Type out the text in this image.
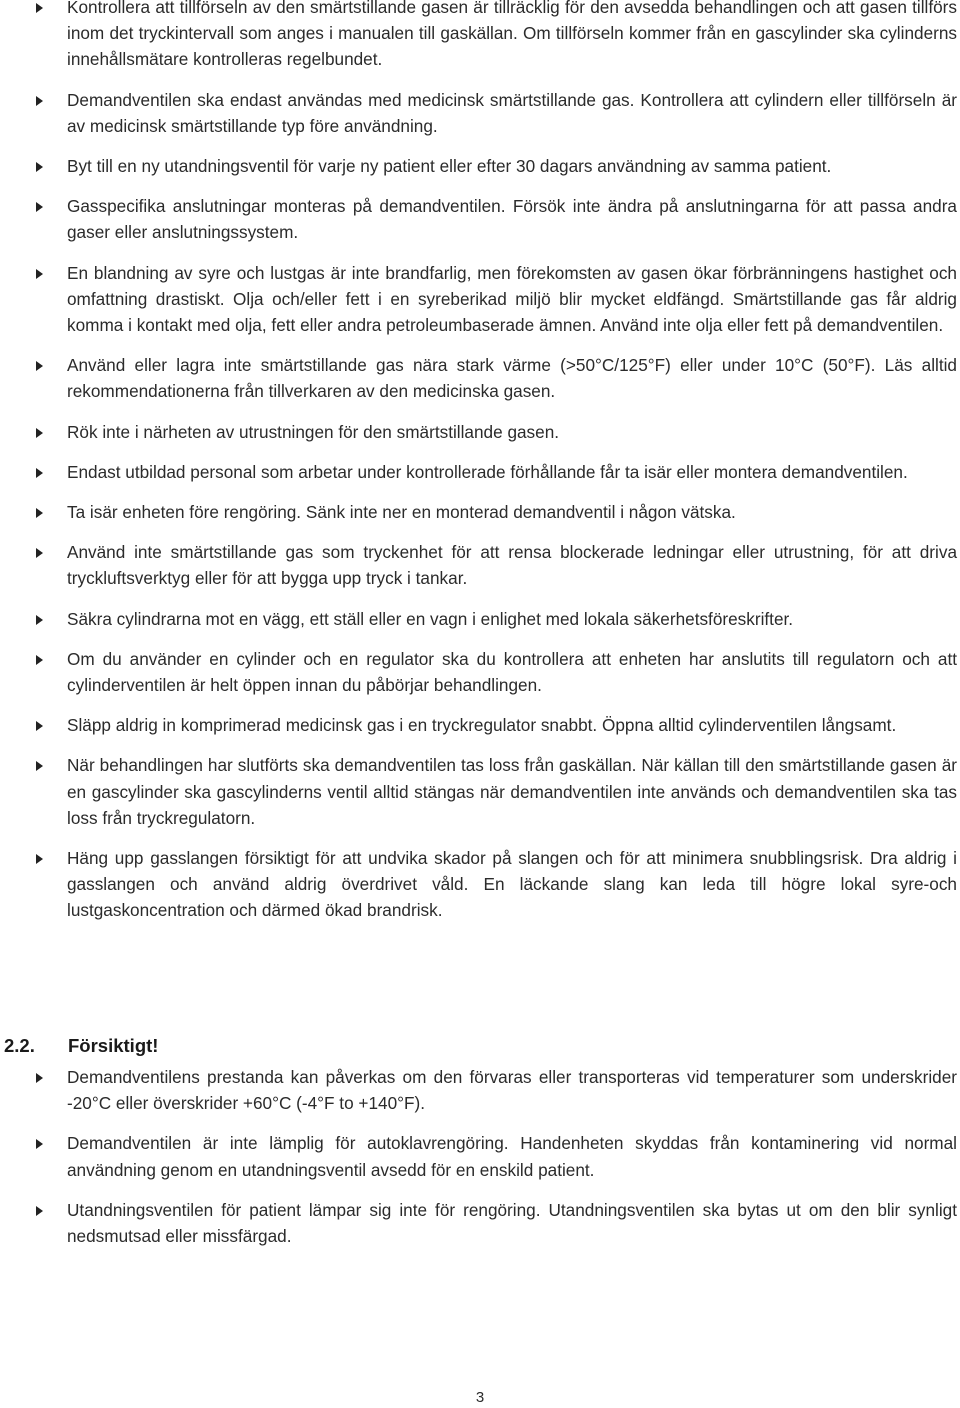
Kontrollera att tillförseln av den smärtstillande gasen är tillräcklig för den avsedda behandlingen och att gasen tillförs inom det tryckintervall som anges i manualen till gaskällan. Om tillförseln kommer från en gascylinder ska cylinderns innehållsmätare kontrolleras regelbundet.
Demandventilen ska endast användas med medicinsk smärtstillande gas. Kontrollera att cylindern eller tillförseln är av medicinsk smärtstillande typ före användning.
Byt till en ny utandningsventil för varje ny patient eller efter 30 dagars användning av samma patient.
Gasspecifika anslutningar monteras på demandventilen. Försök inte ändra på anslutningarna för att passa andra gaser eller anslutningssystem.
En blandning av syre och lustgas är inte brandfarlig, men förekomsten av gasen ökar förbränningens hastighet och omfattning drastiskt. Olja och/eller fett i en syreberikad miljö blir mycket eldfängd. Smärtstillande gas får aldrig komma i kontakt med olja, fett eller andra petroleumbaserade ämnen. Använd inte olja eller fett på demandventilen.
Använd eller lagra inte smärtstillande gas nära stark värme (>50°C/125°F) eller under 10°C (50°F). Läs alltid rekommendationerna från tillverkaren av den medicinska gasen.
Rök inte i närheten av utrustningen för den smärtstillande gasen.
Endast utbildad personal som arbetar under kontrollerade förhållande får ta isär eller montera demandventilen.
Ta isär enheten före rengöring. Sänk inte ner en monterad demandventil i någon vätska.
Använd inte smärtstillande gas som tryckenhet för att rensa blockerade ledningar eller utrustning, för att driva tryckluftsverktyg eller för att bygga upp tryck i tankar.
Säkra cylindrarna mot en vägg, ett ställ eller en vagn i enlighet med lokala säkerhetsföreskrifter.
Om du använder en cylinder och en regulator ska du kontrollera att enheten har anslutits till regulatorn och att cylinderventilen är helt öppen innan du påbörjar behandlingen.
Släpp aldrig in komprimerad medicinsk gas i en tryckregulator snabbt. Öppna alltid cylinderventilen långsamt.
När behandlingen har slutförts ska demandventilen tas loss från gaskällan. När källan till den smärtstillande gasen är en gascylinder ska gascylinderns ventil alltid stängas när demandventilen inte används och demandventilen ska tas loss från tryckregulatorn.
Häng upp gasslangen försiktigt för att undvika skador på slangen och för att minimera snubblingsrisk. Dra aldrig i gasslangen och använd aldrig överdrivet våld. En läckande slang kan leda till högre lokal syre-och lustgaskoncentration och därmed ökad brandrisk.
2.2. Försiktigt!
Demandventilens prestanda kan påverkas om den förvaras eller transporteras vid temperaturer som underskrider -20°C eller överskrider +60°C (-4°F to +140°F).
Demandventilen är inte lämplig för autoklavrengöring. Handenheten skyddas från kontaminering vid normal användning genom en utandningsventil avsedd för en enskild patient.
Utandningsventilen för patient lämpar sig inte för rengöring. Utandningsventilen ska bytas ut om den blir synligt nedsmutsad eller missfärgad.
3
